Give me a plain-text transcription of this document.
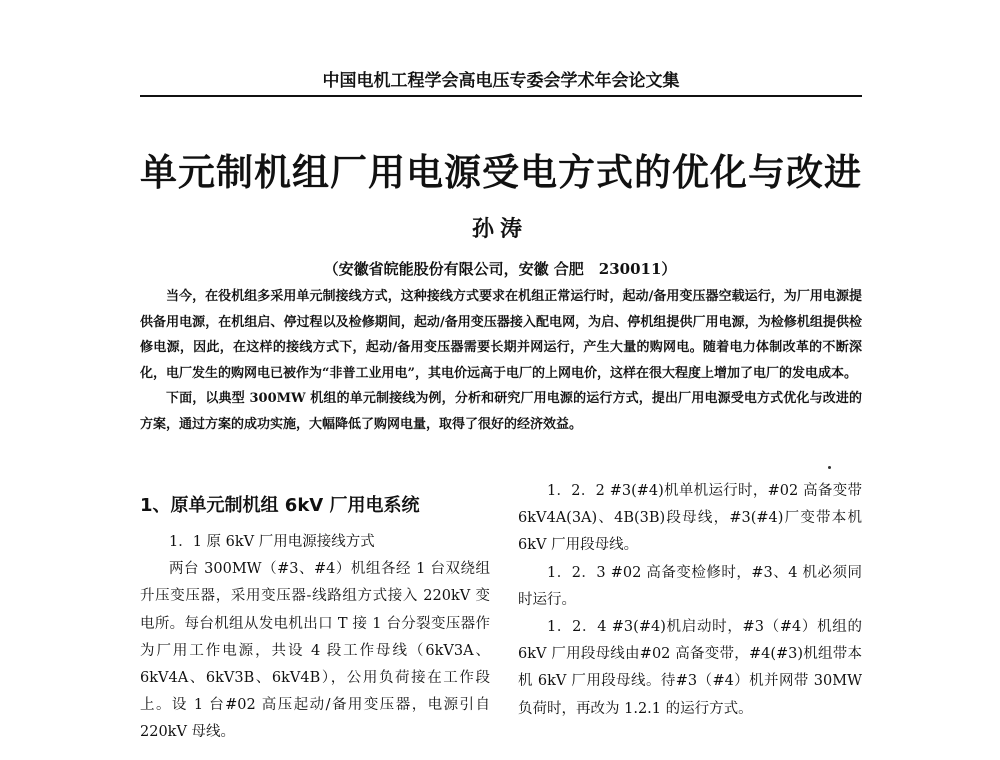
中国电机工程学会高电压专委会学术年会论文集
单元制机组厂用电源受电方式的优化与改进
孙涛
（安徽省皖能股份有限公司，安徽 合肥　230011）

当今，在役机组多采用单元制接线方式，这种接线方式要求在机组正常运行时，起动/备用变压器空载运行，为厂用电源提供备用电源，在机组启、停过程以及检修期间，起动/备用变压器接入配电网，为启、停机组提供厂用电源，为检修机组提供检修电源，因此，在这样的接线方式下，起动/备用变压器需要长期并网运行，产生大量的购网电。随着电力体制改革的不断深化，电厂发生的购网电已被作为“非普工业用电”，其电价远高于电厂的上网电价，这样在很大程度上增加了电厂的发电成本。

下面，以典型 300MW 机组的单元制接线为例，分析和研究厂用电源的运行方式，提出厂用电源受电方式优化与改进的方案，通过方案的成功实施，大幅降低了购网电量，取得了很好的经济效益。

1、原单元制机组 6kV 厂用电系统

1．1 原 6kV 厂用电源接线方式

两台 300MW（#3、#4）机组各经 1 台双绕组升压变压器，采用变压器-线路组方式接入 220kV 变电所。每台机组从发电机出口 T 接 1 台分裂变压器作为厂用工作电源，共设 4 段工作母线（6kV3A、6kV4A、6kV3B、6kV4B），公用负荷接在工作段上。设 1 台#02 高压起动/备用变压器，电源引自 220kV 母线。

1．2．2 #3(#4)机单机运行时，#02 高备变带 6kV4A(3A)、4B(3B)段母线，#3(#4)厂变带本机 6kV 厂用段母线。

1．2．3 #02 高备变检修时，#3、4 机必须同时运行。

1．2．4 #3(#4)机启动时，#3（#4）机组的 6kV 厂用段母线由#02 高备变带，#4(#3)机组带本机 6kV 厂用段母线。待#3（#4）机并网带 30MW 负荷时，再改为 1.2.1 的运行方式。
